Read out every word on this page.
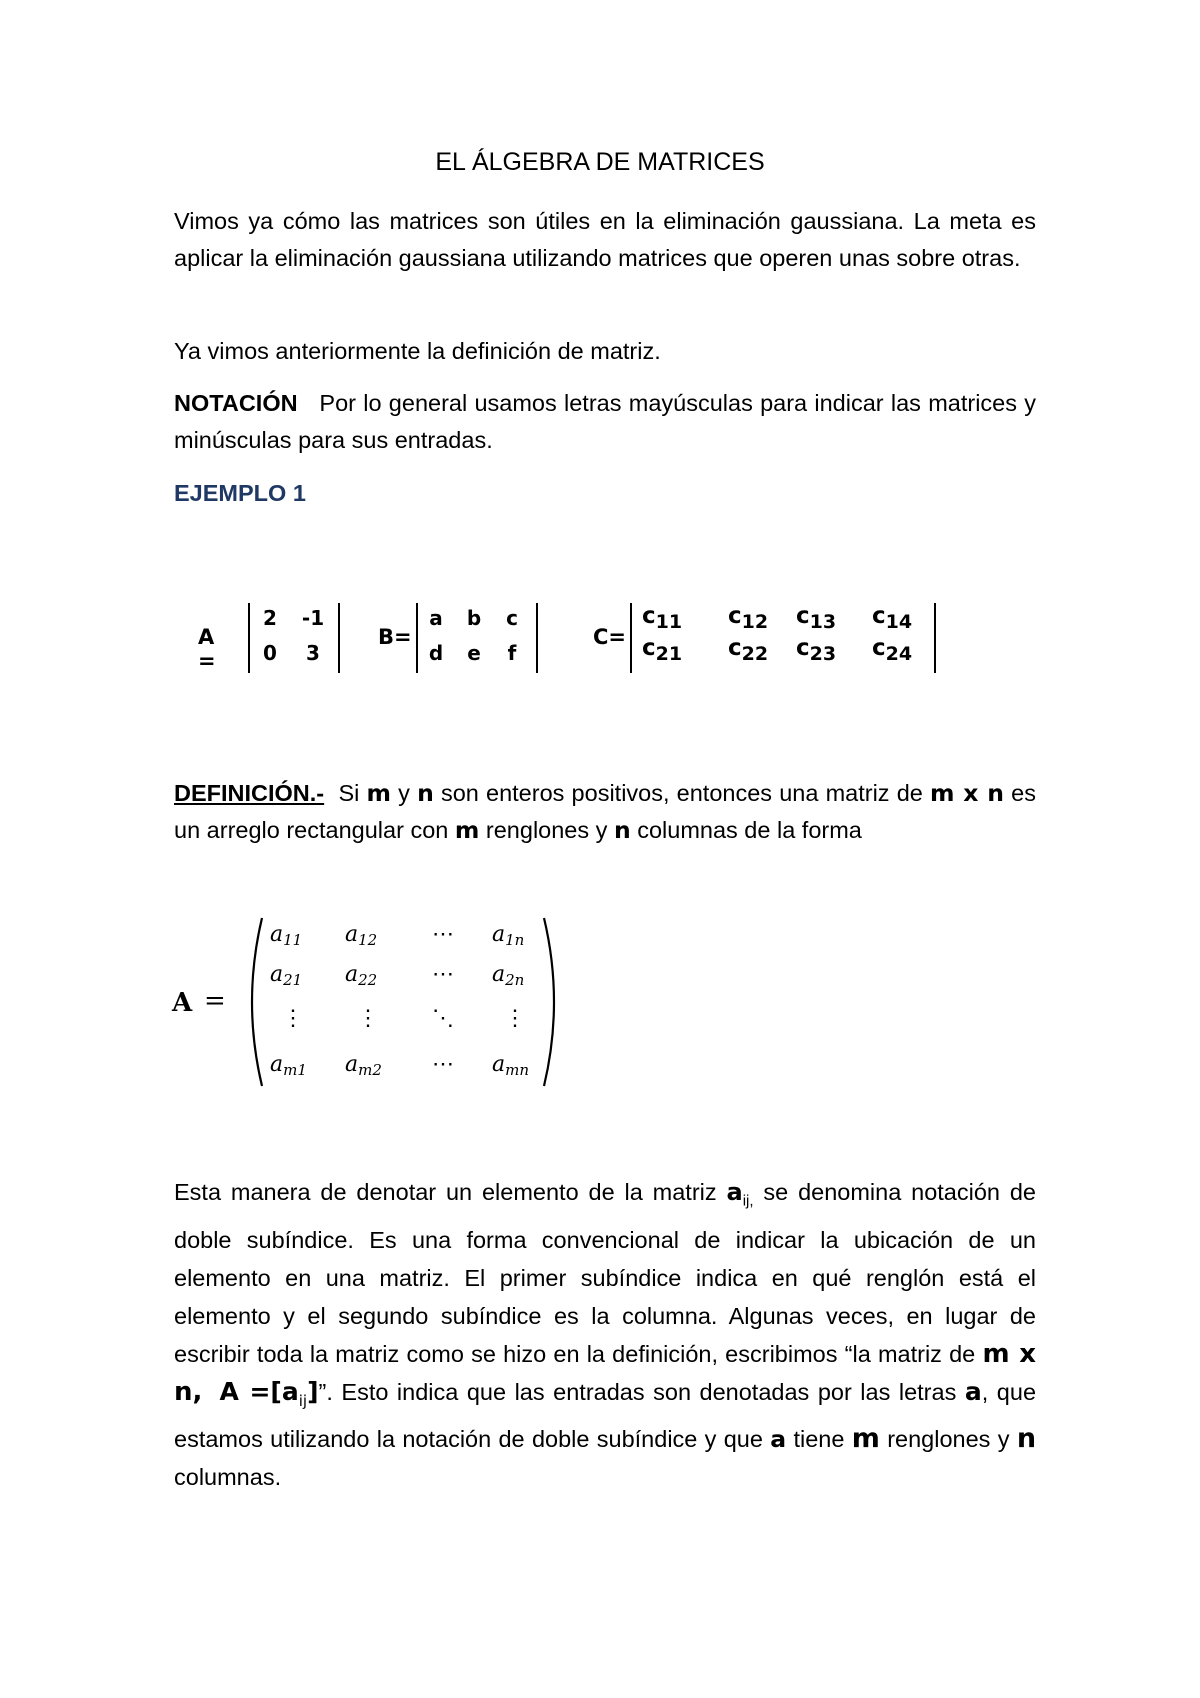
EL ÁLGEBRA DE MATRICES
Vimos ya cómo las matrices son útiles en la eliminación gaussiana. La meta es aplicar la eliminación gaussiana utilizando matrices que operen unas sobre otras.
Ya vimos anteriormente la definición de matriz.
NOTACIÓN Por lo general usamos letras mayúsculas para indicar las matrices y minúsculas para sus entradas.
EJEMPLO 1
A =
2 -1
0	3
B=
a b	c
d e	f
C=
$c_{11}$ $c_{12}$ $c_{13}$ $c_{14}$
$c_{21}$ $c_{22}$ $c_{23}$ $c_{24}$
DEFINICIÓN.- Si m y n son enteros positivos, entonces una matriz de m x n es un arreglo rectangular con m renglones y n columnas de la forma
A =
$a_{11}$ $a_{12}$ ⋯ $a_{1n}$
$a_{21}$ $a_{22}$ ⋯ $a_{2n}$
⋮ ⋮ ⋱ ⋮
$a_{m1}$ $a_{m2}$ ⋯ $a_{mn}$
Esta manera de denotar un elemento de la matriz $a_{ij,}$ se denomina notación de doble subíndice. Es una forma convencional de indicar la ubicación de un elemento en una matriz. El primer subíndice indica en qué renglón está el elemento y el segundo subíndice es la columna. Algunas veces, en lugar de escribir toda la matriz como se hizo en la definición, escribimos “la matriz de m x n, $A =[a_{ij}]$”. Esto indica que las entradas son denotadas por las letras a, que estamos utilizando la notación de doble subíndice y que a tiene m renglones y n columnas.
